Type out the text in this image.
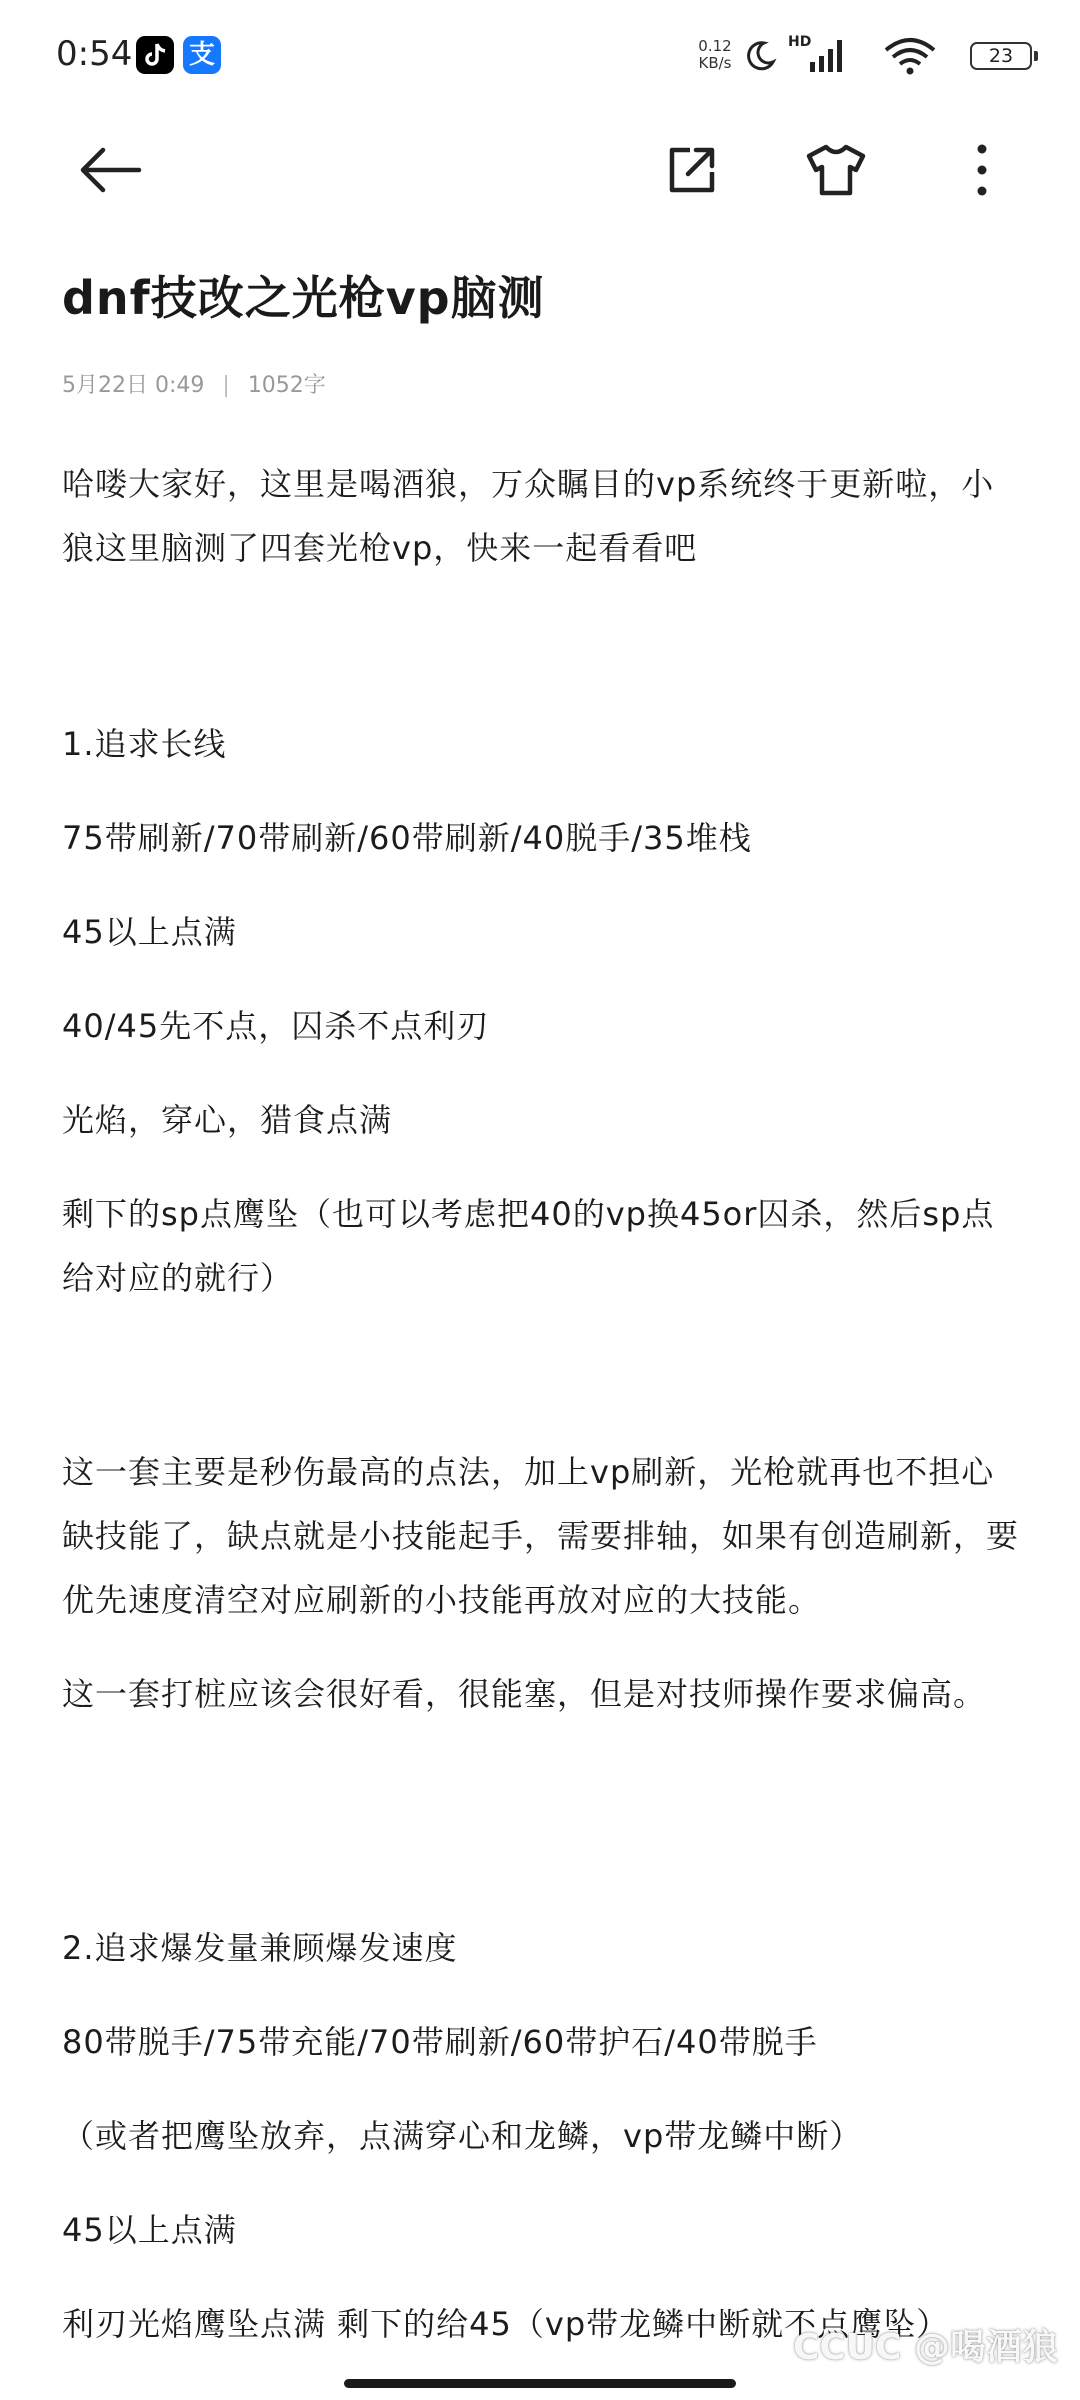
0:54 支	0.12
KB/s
HD
23
dnf技改之光枪vp脑测
5月22日 0:49 | 1052字
哈喽大家好，这里是喝酒狼，万众瞩目的vp系统终于更新啦，小狼这里脑测了四套光枪vp，快来一起看看吧
1.追求长线
75带刷新/70带刷新/60带刷新/40脱手/35堆栈
45以上点满
40/45先不点，囚杀不点利刃
光焰，穿心，猎食点满
剩下的sp点鹰坠（也可以考虑把40的vp换45or囚杀，然后sp点给对应的就行）
这一套主要是秒伤最高的点法，加上vp刷新，光枪就再也不担心缺技能了，缺点就是小技能起手，需要排轴，如果有创造刷新，要优先速度清空对应刷新的小技能再放对应的大技能。
这一套打桩应该会很好看，很能塞，但是对技师操作要求偏高。
2.追求爆发量兼顾爆发速度
80带脱手/75带充能/70带刷新/60带护石/40带脱手
（或者把鹰坠放弃，点满穿心和龙鳞，vp带龙鳞中断）
45以上点满
利刃光焰鹰坠点满 剩下的给45（vp带龙鳞中断就不点鹰坠）
CCUC @喝酒狼
